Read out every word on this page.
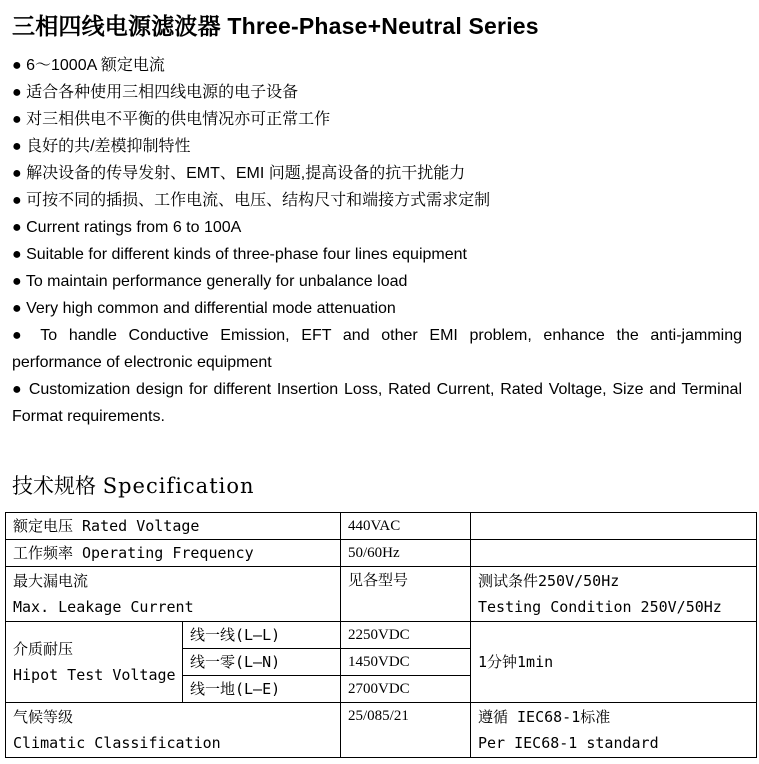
三相四线电源滤波器 Three-Phase+Neutral Series
● 6～1000A 额定电流
● 适合各种使用三相四线电源的电子设备
● 对三相供电不平衡的供电情况亦可正常工作
● 良好的共/差模抑制特性
● 解决设备的传导发射、EMT、EMI 问题,提高设备的抗干扰能力
● 可按不同的插损、工作电流、电压、结构尺寸和端接方式需求定制
● Current ratings from 6 to 100A
● Suitable for different kinds of three-phase four lines equipment
● To maintain performance generally for unbalance load
● Very high common and differential mode attenuation
● To handle Conductive Emission, EFT and other EMI problem, enhance the anti-jamming performance of electronic equipment
● Customization design for different Insertion Loss, Rated Current, Rated Voltage, Size and Terminal Format requirements.
技术规格 Specification
额定电压 Rated Voltage		440VAC	
工作频率 Operating Frequency		50/60Hz	

最大漏电流
Max. Leakage Current		见各型号	测试条件250V/50Hz
Testing Condition 250V/50Hz

介质耐压
Hipot Test Voltage	线一线(L—L)	2250VDC	1分钟1min
	线一零(L—N)	1450VDC	
	线一地(L—E)	2700VDC	

气候等级
Climatic Classification		25/085/21	遵循 IEC68-1标准
Per IEC68-1 standard
